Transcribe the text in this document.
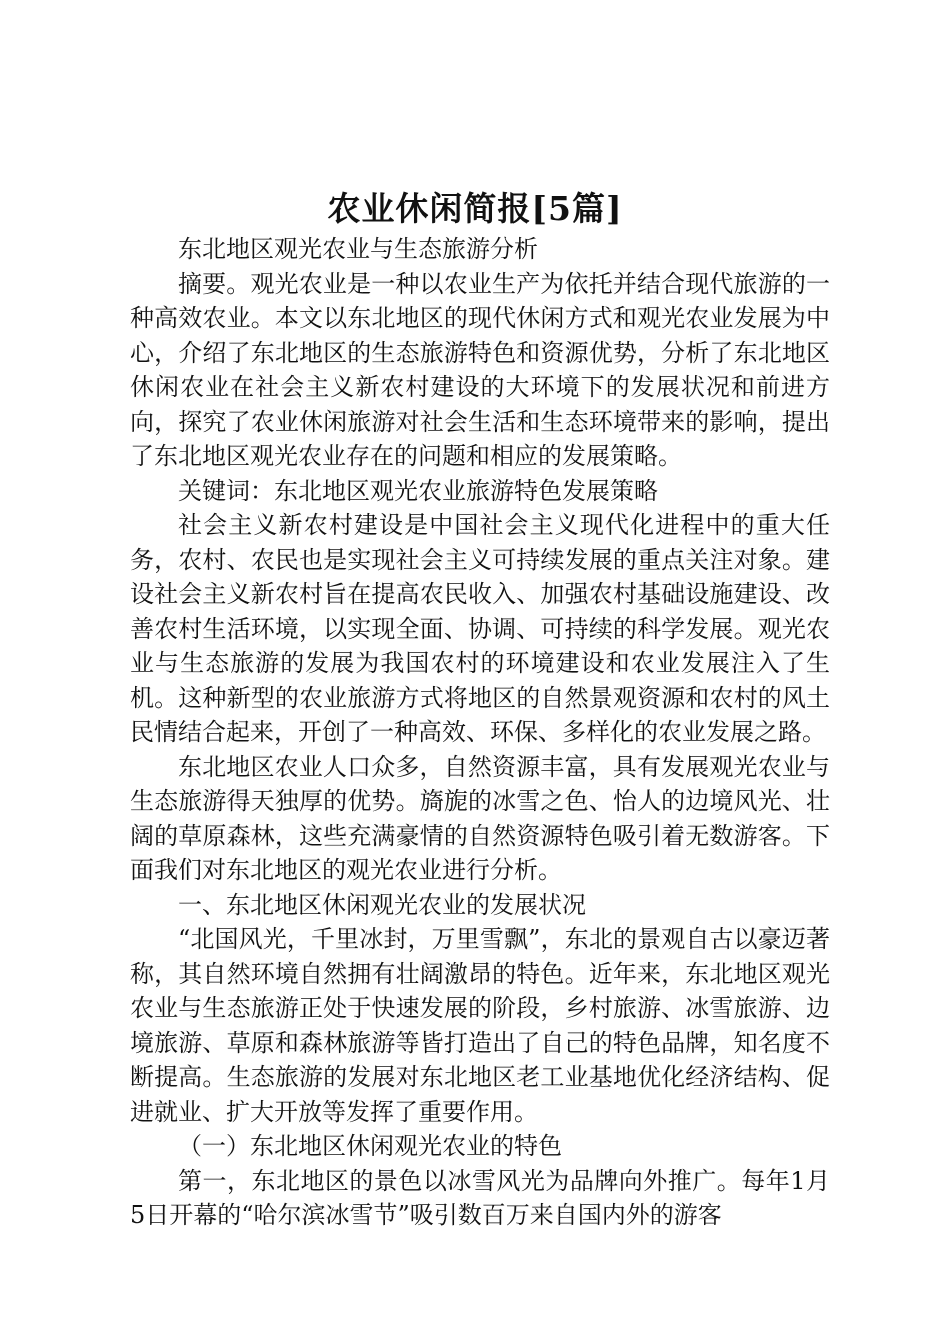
农业休闲简报[5篇]

东北地区观光农业与生态旅游分析

摘要。观光农业是一种以农业生产为依托并结合现代旅游的一种高效农业。本文以东北地区的现代休闲方式和观光农业发展为中心，介绍了东北地区的生态旅游特色和资源优势，分析了东北地区休闲农业在社会主义新农村建设的大环境下的发展状况和前进方向，探究了农业休闲旅游对社会生活和生态环境带来的影响，提出了东北地区观光农业存在的问题和相应的发展策略。

关键词：东北地区观光农业旅游特色发展策略

社会主义新农村建设是中国社会主义现代化进程中的重大任务，农村、农民也是实现社会主义可持续发展的重点关注对象。建设社会主义新农村旨在提高农民收入、加强农村基础设施建设、改善农村生活环境，以实现全面、协调、可持续的科学发展。观光农业与生态旅游的发展为我国农村的环境建设和农业发展注入了生机。这种新型的农业旅游方式将地区的自然景观资源和农村的风土民情结合起来，开创了一种高效、环保、多样化的农业发展之路。

东北地区农业人口众多，自然资源丰富，具有发展观光农业与生态旅游得天独厚的优势。旖旎的冰雪之色、怡人的边境风光、壮阔的草原森林，这些充满豪情的自然资源特色吸引着无数游客。下面我们对东北地区的观光农业进行分析。

一、东北地区休闲观光农业的发展状况

“北国风光，千里冰封，万里雪飘”，东北的景观自古以豪迈著称，其自然环境自然拥有壮阔激昂的特色。近年来，东北地区观光农业与生态旅游正处于快速发展的阶段，乡村旅游、冰雪旅游、边境旅游、草原和森林旅游等皆打造出了自己的特色品牌，知名度不断提高。生态旅游的发展对东北地区老工业基地优化经济结构、促进就业、扩大开放等发挥了重要作用。

（一）东北地区休闲观光农业的特色

第一，东北地区的景色以冰雪风光为品牌向外推广。每年1月5日开幕的“哈尔滨冰雪节”吸引数百万来自国内外的游客
